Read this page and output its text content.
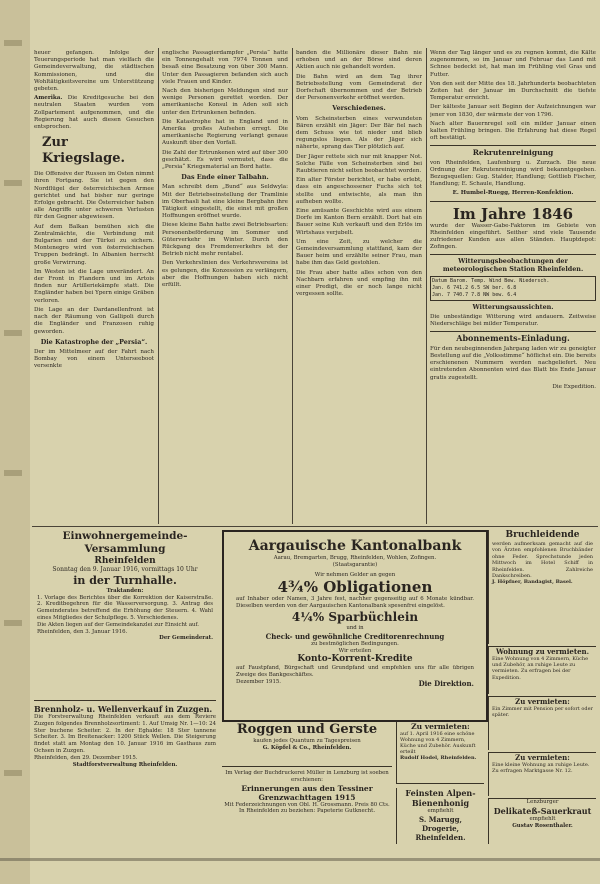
heuer gefangen. Infolge der Teuerungsperiode hat man vielfach die Gemeindeverwaltung, die städtischen Kommissionen, und die Wohltätigkeitsvereine um Unterstützung gebeten.

Amerika. Die Kreditgesuche bei den neutralen Staaten wurden vom Zollpartement aufgenommen, und die Regierung hat auch diesen Gesuchen entsprochen.

Zur Kriegslage.

Die Offensive der Russen im Osten nimmt ihren Fortgang. Sie ist gegen den Nordflügel der österreichischen Armee gerichtet und hat bisher nur geringe Erfolge gebracht. Die Österreicher haben alle Angriffe unter schweren Verlusten für den Gegner abgewiesen.

Auf dem Balkan bemühen sich die Zentralmächte, die Verbindung mit Bulgarien und der Türkei zu sichern. Montenegro wird von österreichischen Truppen bedrängt. In Albanien herrscht große Verwirrung.

Im Westen ist die Lage unverändert. An der Front in Flandern und im Artois finden nur Artilleriekämpfe statt. Die Engländer haben bei Ypern einige Gräben verloren.

Die Lage an der Dardanellenfront ist nach der Räumung von Gallipoli durch die Engländer und Franzosen ruhig geworden.

Die Katastrophe der „Persia“.

Der im Mittelmeer auf der Fahrt nach Bombay von einem Unterseeboot versenkte

englische Passagierdampfer „Persia“ hatte ein Tonnengehalt von 7974 Tonnen und besaß eine Besatzung von über 300 Mann. Unter den Passagieren befanden sich auch viele Frauen und Kinder.

Nach den bisherigen Meldungen sind nur wenige Personen gerettet worden. Der amerikanische Konsul in Aden soll sich unter den Ertrunkenen befinden.

Die Katastrophe hat in England und in Amerika großes Aufsehen erregt. Die amerikanische Regierung verlangt genaue Auskunft über den Vorfall.

Die Zahl der Ertrunkenen wird auf über 300 geschätzt. Es wird vermutet, dass die „Persia“ Kriegsmaterial an Bord hatte.

Das Ende einer Talbahn.

Man schreibt dem „Bund“ aus Seldwyla: Mit der Betriebseinstellung der Tramlinie im Oberhasli hat eine kleine Bergbahn ihre Tätigkeit eingestellt, die einst mit großen Hoffnungen eröffnet wurde.

Diese kleine Bahn hatte zwei Betriebsarten: Personenbeförderung im Sommer und Güterverkehr im Winter. Durch den Rückgang des Fremdenverkehrs ist der Betrieb nicht mehr rentabel.

Den Verkehrslinien des Verkehrsvereins ist es gelungen, die Konzession zu verlängern, aber die Hoffnungen haben sich nicht erfüllt.

banden die Millionäre dieser Bahn nie erhoben und an der Börse sind deren Aktien auch nie gehandelt worden.

Die Bahn wird an dem Tag ihrer Betriebsstellung vom Gemeinderat der Dorfschaft übernommen und der Betrieb der Personenverkehr eröffnet werden.

Verschiedenes.

Vom Scheinsterben eines verwundeten Bären erzählt ein Jäger: Der Bär fiel nach dem Schuss wie tot nieder und blieb regungslos liegen. Als der Jäger sich näherte, sprang das Tier plötzlich auf.

Der Jäger rettete sich nur mit knapper Not. Solche Fälle von Scheinsterben sind bei Raubtieren nicht selten beobachtet worden.

Ein alter Förster berichtet, er habe erlebt, dass ein angeschossener Fuchs sich tot stellte und entwischte, als man ihn aufheben wollte.

Eine amüsante Geschichte wird aus einem Dorfe im Kanton Bern erzählt. Dort hat ein Bauer seine Kuh verkauft und den Erlös im Wirtshaus verjubelt.

Um eine Zeit, zu welcher die Gemeindeversammlung stattfand, kam der Bauer heim und erzählte seiner Frau, man habe ihm das Geld gestohlen.

Die Frau aber hatte alles schon von den Nachbarn erfahren und empfing ihn mit einer Predigt, die er noch lange nicht vergessen sollte.

Wenn der Tag länger und es zu regnen kommt, die Kälte zugenommen, so im Januar und Februar das Land mit Schnee bedeckt ist, hat man im Frühling viel Gras und Futter.

Von den seit der Mitte des 18. Jahrhunderts beobachteten Zeiten hat der Januar im Durchschnitt die tiefste Temperatur erreicht.

Der kälteste Januar seit Beginn der Aufzeichnungen war jener von 1830, der wärmste der von 1796.

Nach alter Bauernregel soll ein milder Januar einen kalten Frühling bringen. Die Erfahrung hat diese Regel oft bestätigt.

Rekrutenreinigung

von Rheinfelden, Laufenburg u. Zurzach. Die neue Ordnung der Rekrutenreinigung wird bekanntgegeben. Bezugsquellen: Gug. Stalder, Handlung; Gottlieb Fischer, Handlung; E. Schaule, Handlung.

E. Humbel-Ruegg, Herren-Konfektion.

Im Jahre 1846

wurde der Wasser-Gabe-Faktoren im Gebiete von Rheinfelden eingeführt. Seither sind viele Tausende zufriedener Kunden aus allen Ständen. Hauptdepot: Zofingen.

Witterungsbeobachtungen der meteorologischen Station Rheinfelden.
Datum Barom. Temp. Wind Bew. Niedersch.
Jan. 6 741.2 6.5 SW ber. 6.8
Jan. 7 740.7 7.8 NW bew. 6.4
Witterungsaussichten.

Die unbeständige Witterung wird andauern. Zeitweise Niederschläge bei milder Temperatur.

Abonnements-Einladung.

Für den neubeginnenden Jahrgang laden wir zu geneigter Bestellung auf die „Volksstimme“ höflichst ein. Die bereits erschienenen Nummern werden nachgeliefert. Neu eintretenden Abonnenten wird das Blatt bis Ende Januar gratis zugestellt.

Die Expedition.

Einwohnergemeinde-Versammlung
Rheinfelden
Sonntag den 9. Januar 1916, vormittags 10 Uhr
in der Turnhalle.
Traktanden:
1. Vorlage des Berichtes über die Korrektion der Kaiserstraße. 2. Kreditbegehren für die Wasserversorgung. 3. Antrag des Gemeinderates betreffend die Erhöhung der Steuern. 4. Wahl eines Mitgliedes der Schulpflege. 5. Verschiedenes.
Die Akten liegen auf der Gemeindekanzlei zur Einsicht auf.
Rheinfelden, den 3. Januar 1916.
Der Gemeinderat.
Brennholz- u. Wellenverkauf in Zuzgen.
Die Forstverwaltung Rheinfelden verkauft aus dem Reviere Zuzgen folgendes Brennholzsortiment: 1. Auf Umsig Nr. 1—10: 24 Ster buchene Scheiter. 2. In der Eghalde: 18 Ster tannene Scheiter. 3. Im Breitenacker: 1200 Stück Wellen. Die Steigerung findet statt am Montag den 10. Januar 1916 im Gasthaus zum Ochsen in Zuzgen.
Rheinfelden, den 29. Dezember 1915.
Stadtforstverwaltung Rheinfelden.
Aargauische Kantonalbank
Aarau, Bremgarten, Brugg, Rheinfelden, Wohlen, Zofingen.
(Staatsgarantie)
Wir nehmen Gelder an gegen
4¾% Obligationen
auf Inhaber oder Namen, 3 Jahre fest, nachher gegenseitig auf 6 Monate kündbar. Dieselben werden von der Aargauischen Kantonalbank spesenfrei eingelöst.
4¼% Sparbüchlein
und in
Check- und gewöhnliche Creditorenrechnung
zu bestmöglichen Bedingungen.
Wir erteilen
Konto-Korrent-Kredite
auf Faustpfand, Bürgschaft und Grundpfand und empfehlen uns für alle übrigen Zweige des Bankgeschäftes.
Dezember 1915.	Die Direktion.
Roggen und Gerste
kaufen jedes Quantum zu Tagespreisen
G. Köpfel & Co., Rheinfelden.
Im Verlag der Buchdruckerei Müller in Lenzburg ist soeben erschienen:
Erinnerungen aus den Tessiner Grenzwachttagen 1915
Mit Federzeichnungen von Obl. H. Grossmann. Preis 80 Cts.
In Rheinfelden zu beziehen: Papeterie Gutknecht.
Zu vermieten:
auf 1. April 1916 eine schöne Wohnung von 4 Zimmern, Küche und Zubehör. Auskunft erteilt
Rudolf Hodel, Rheinfelden.
Feinsten Alpen-Bienenhonig
empfiehlt
S. Marugg, Drogerie, Rheinfelden.
Bruchleidende
werden aufmerksam gemacht auf die von Ärzten empfohlenen Bruchbänder ohne Feder. Sprechstunde jeden Mittwoch im Hotel Schiff in Rheinfelden. Zahlreiche Dankschreiben.
J. Höpfner, Bandagist, Basel.
Wohnung zu vermieten.
Eine Wohnung von 4 Zimmern, Küche und Zubehör, an ruhige Leute zu vermieten. Zu erfragen bei der Expedition.
Zu vermieten:
Ein Zimmer mit Pension per sofort oder später.
Zu vermieten:
Eine kleine Wohnung an ruhige Leute. Zu erfragen Marktgasse Nr. 12.
Lenzburger
Delikateß-Sauerkraut
empfiehlt
Gustav Rosenthaler.
